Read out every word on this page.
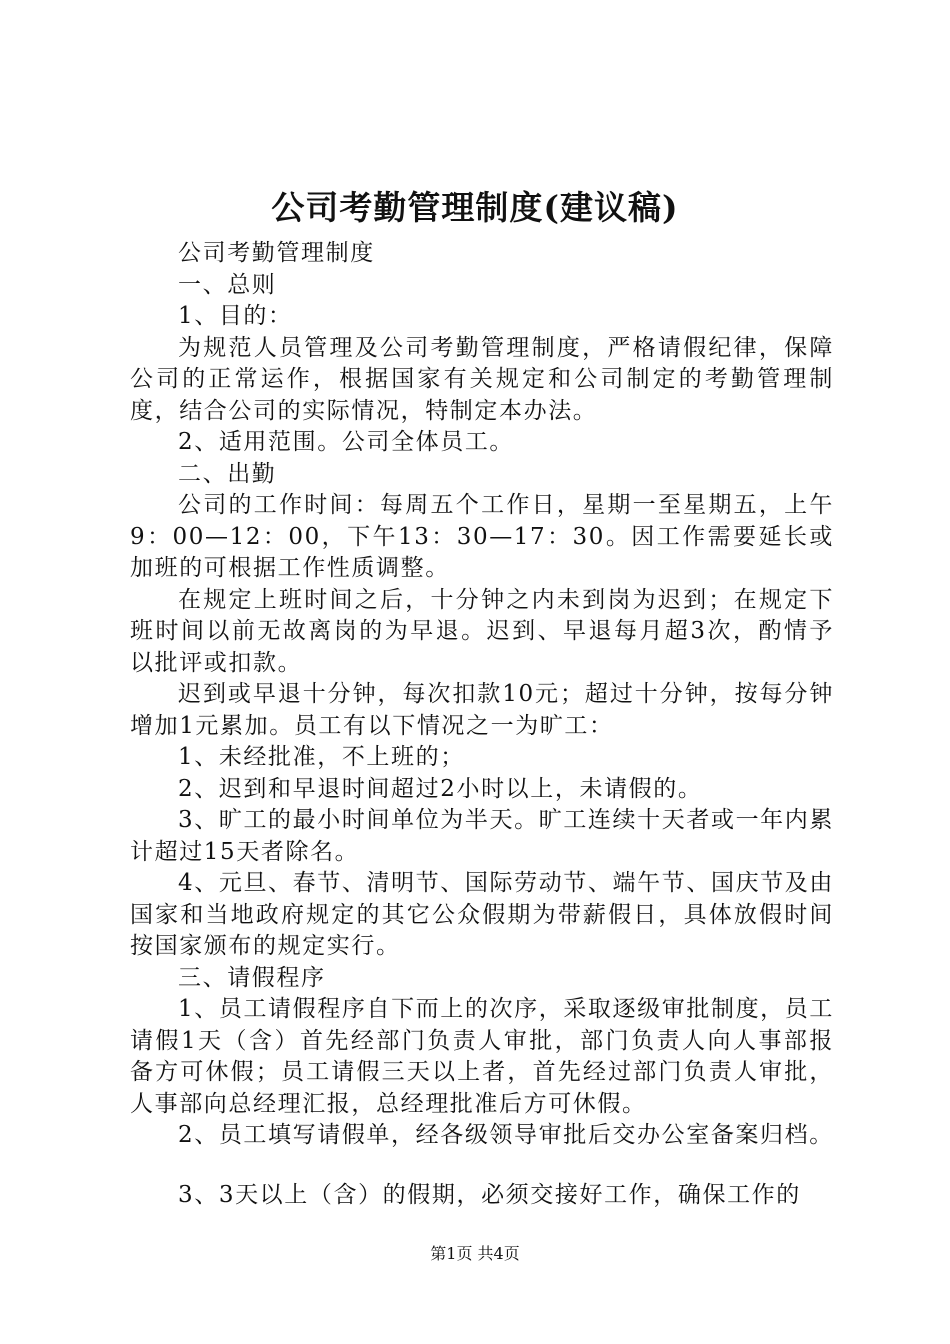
公司考勤管理制度(建议稿)

公司考勤管理制度

一、总则

1、目的：

为规范人员管理及公司考勤管理制度，严格请假纪律，保障公司的正常运作，根据国家有关规定和公司制定的考勤管理制度，结合公司的实际情况，特制定本办法。

2、适用范围。公司全体员工。

二、出勤

公司的工作时间：每周五个工作日，星期一至星期五，上午9：00—12：00，下午13：30—17：30。因工作需要延长或加班的可根据工作性质调整。

在规定上班时间之后，十分钟之内未到岗为迟到；在规定下班时间以前无故离岗的为早退。迟到、早退每月超3次，酌情予以批评或扣款。

迟到或早退十分钟，每次扣款10元；超过十分钟，按每分钟增加1元累加。员工有以下情况之一为旷工：

1、未经批准，不上班的；

2、迟到和早退时间超过2小时以上，未请假的。

3、旷工的最小时间单位为半天。旷工连续十天者或一年内累计超过15天者除名。

4、元旦、春节、清明节、国际劳动节、端午节、国庆节及由国家和当地政府规定的其它公众假期为带薪假日，具体放假时间按国家颁布的规定实行。

三、请假程序

1、员工请假程序自下而上的次序，采取逐级审批制度，员工请假1天（含）首先经部门负责人审批，部门负责人向人事部报备方可休假；员工请假三天以上者，首先经过部门负责人审批，人事部向总经理汇报，总经理批准后方可休假。

2、员工填写请假单，经各级领导审批后交办公室备案归档。

3、3天以上（含）的假期，必须交接好工作，确保工作的

第1页 共4页
